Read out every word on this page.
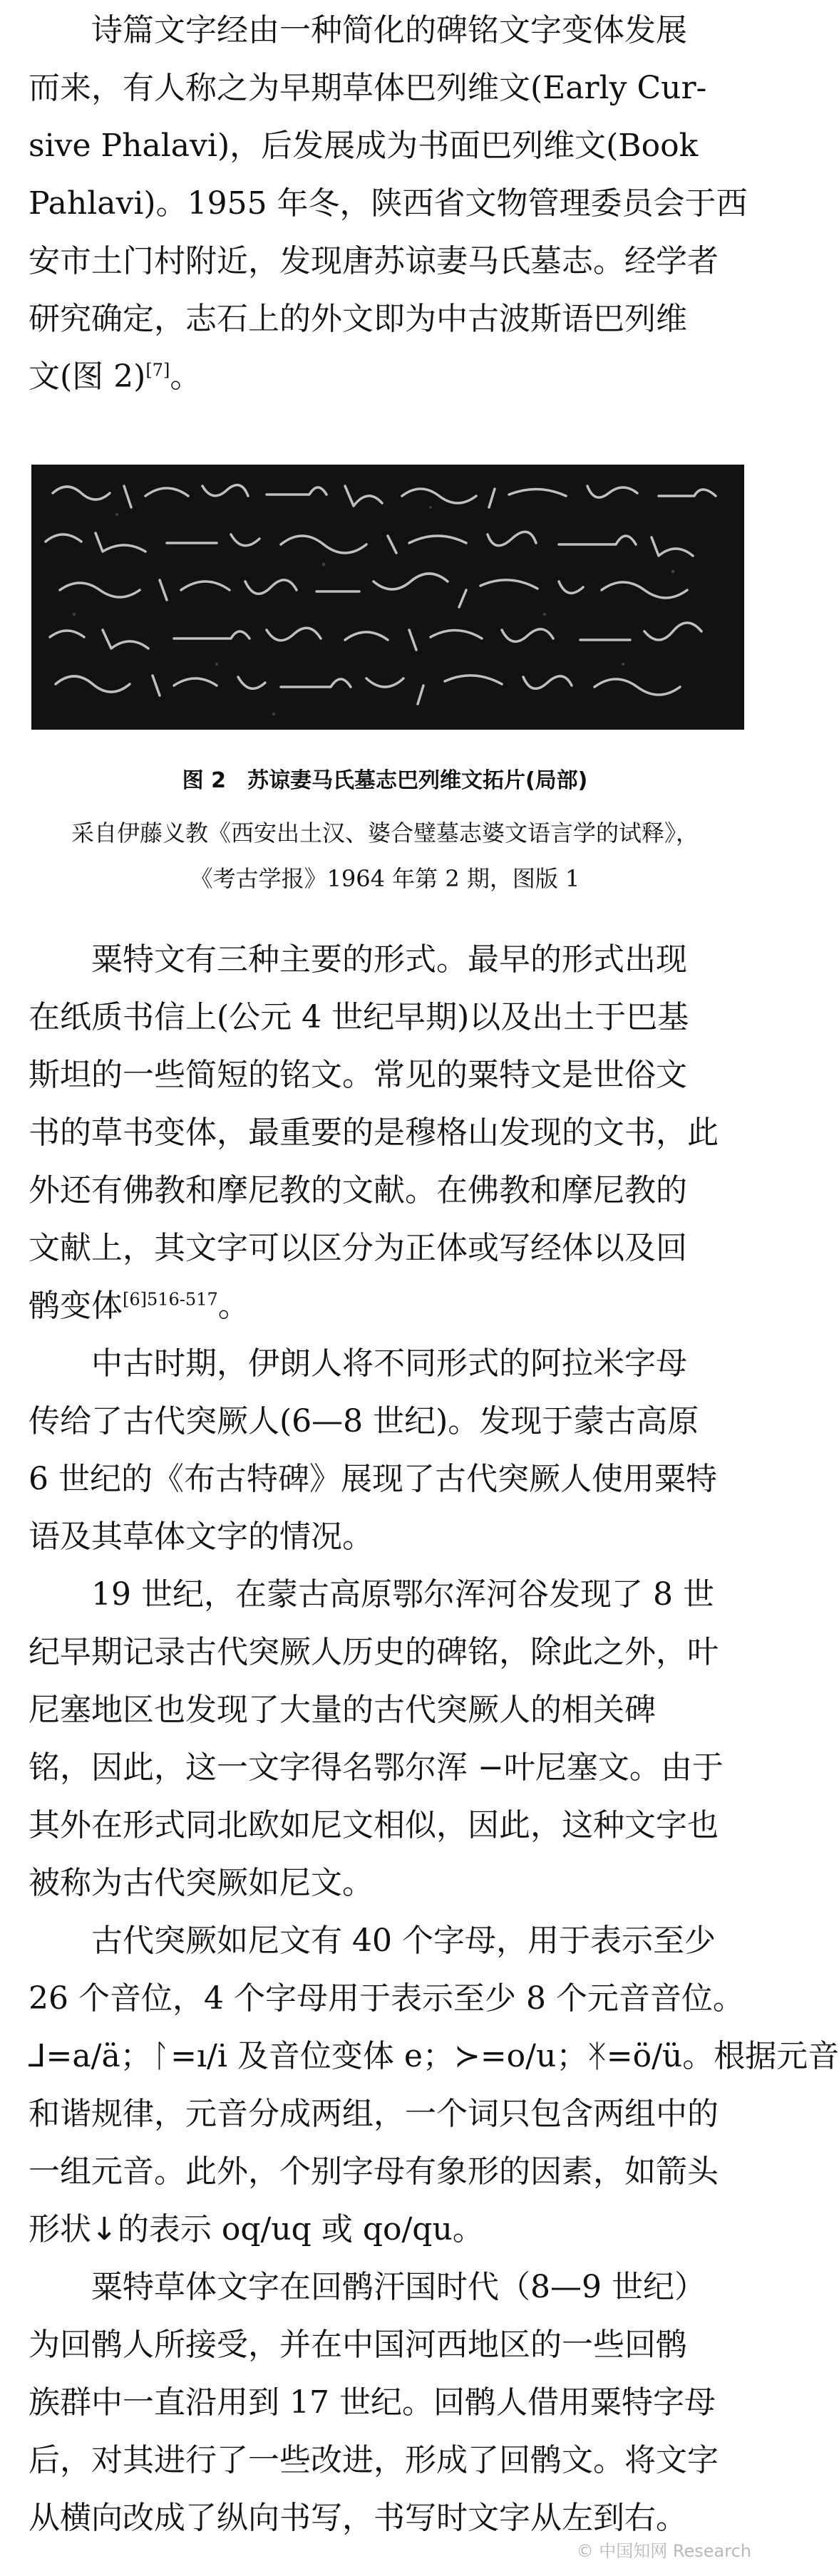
诗篇文字经由一种简化的碑铭文字变体发展
而来，有人称之为早期草体巴列维文(Early Cur-
sive Phalavi)，后发展成为书面巴列维文(Book
Pahlavi)。1955 年冬，陕西省文物管理委员会于西
安市土门村附近，发现唐苏谅妻马氏墓志。经学者
研究确定，志石上的外文即为中古波斯语巴列维
文(图 2)[7]。

图 2　苏谅妻马氏墓志巴列维文拓片(局部)
采自伊藤义教《西安出土汉、婆合璧墓志婆文语言学的试释》，
《考古学报》1964 年第 2 期，图版 1

粟特文有三种主要的形式。最早的形式出现
在纸质书信上(公元 4 世纪早期)以及出土于巴基
斯坦的一些简短的铭文。常见的粟特文是世俗文
书的草书变体，最重要的是穆格山发现的文书，此
外还有佛教和摩尼教的文献。在佛教和摩尼教的
文献上，其文字可以区分为正体或写经体以及回
鹘变体$^{[6]516-517}$。

中古时期，伊朗人将不同形式的阿拉米字母
传给了古代突厥人(6—8 世纪)。发现于蒙古高原
6 世纪的《布古特碑》展现了古代突厥人使用粟特
语及其草体文字的情况。

19 世纪，在蒙古高原鄂尔浑河谷发现了 8 世
纪早期记录古代突厥人历史的碑铭，除此之外，叶
尼塞地区也发现了大量的古代突厥人的相关碑
铭，因此，这一文字得名鄂尔浑 −叶尼塞文。由于
其外在形式同北欧如尼文相似，因此，这种文字也
被称为古代突厥如尼文。

古代突厥如尼文有 40 个字母，用于表示至少
26 个音位，4 个字母用于表示至少 8 个元音音位。
⅃=a/ä；ᛚ=ı/i 及音位变体 e；≻=o/u；ᛡ=ö/ü。根据元音
和谐规律，元音分成两组，一个词只包含两组中的
一组元音。此外，个别字母有象形的因素，如箭头
形状↓的表示 oq/uq 或 qo/qu。

粟特草体文字在回鹘汗国时代（8—9 世纪）
为回鹘人所接受，并在中国河西地区的一些回鹘
族群中一直沿用到 17 世纪。回鹘人借用粟特字母
后，对其进行了一些改进，形成了回鹘文。将文字
从横向改成了纵向书写，书写时文字从左到右。

© 中国知网 Research
